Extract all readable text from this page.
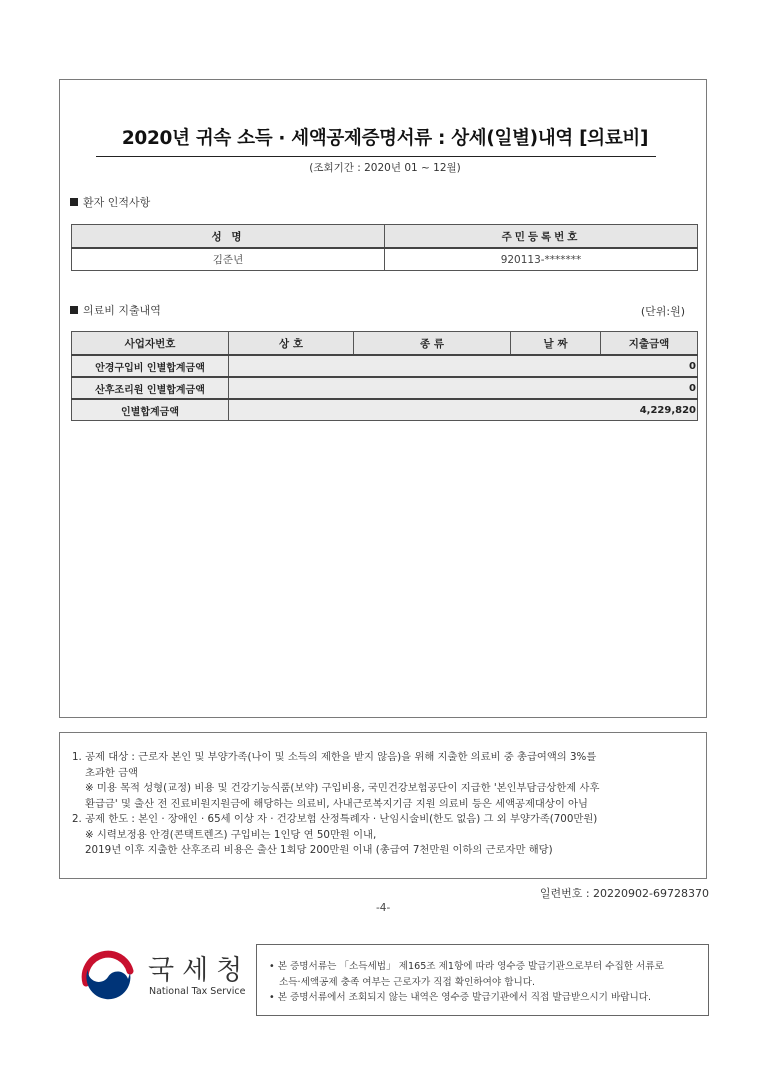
2020년 귀속 소득 · 세액공제증명서류 : 상세(일별)내역 [의료비]
(조회기간 : 2020년 01 ~ 12월)
환자 인적사항
성 명	주민등록번호
김준년	920113-*******
의료비 지출내역	(단위:원)
사업자번호	상 호	종 류	날 짜	지출금액
안경구입비 인별합계금액	0			
산후조리원 인별합계금액	0			
인별합계금액	4,229,820			
1. 공제 대상 : 근로자 본인 및 부양가족(나이 및 소득의 제한을 받지 않음)을 위해 지출한 의료비 중 총급여액의 3%를
초과한 금액
※ 미용 목적 성형(교정) 비용 및 건강기능식품(보약) 구입비용, 국민건강보험공단이 지급한 '본인부담금상한제 사후
환급금' 및 출산 전 진료비원지원금에 해당하는 의료비, 사내근로복지기금 지원 의료비 등은 세액공제대상이 아님
2. 공제 한도 : 본인 · 장애인 · 65세 이상 자 · 건강보험 산정특례자 · 난임시술비(한도 없음) 그 외 부양가족(700만원)
※ 시력보정용 안경(콘택트렌즈) 구입비는 1인당 연 50만원 이내,
2019년 이후 지출한 산후조리 비용은 출산 1회당 200만원 이내 (총급여 7천만원 이하의 근로자만 해당)
일련번호 : 20220902-69728370
-4-
국세청
National Tax Service
• 본 증명서류는 「소득세법」 제165조 제1항에 따라 영수증 발급기관으로부터 수집한 서류로
소득·세액공제 충족 여부는 근로자가 직접 확인하여야 합니다.
• 본 증명서류에서 조회되지 않는 내역은 영수증 발급기관에서 직접 발급받으시기 바랍니다.
